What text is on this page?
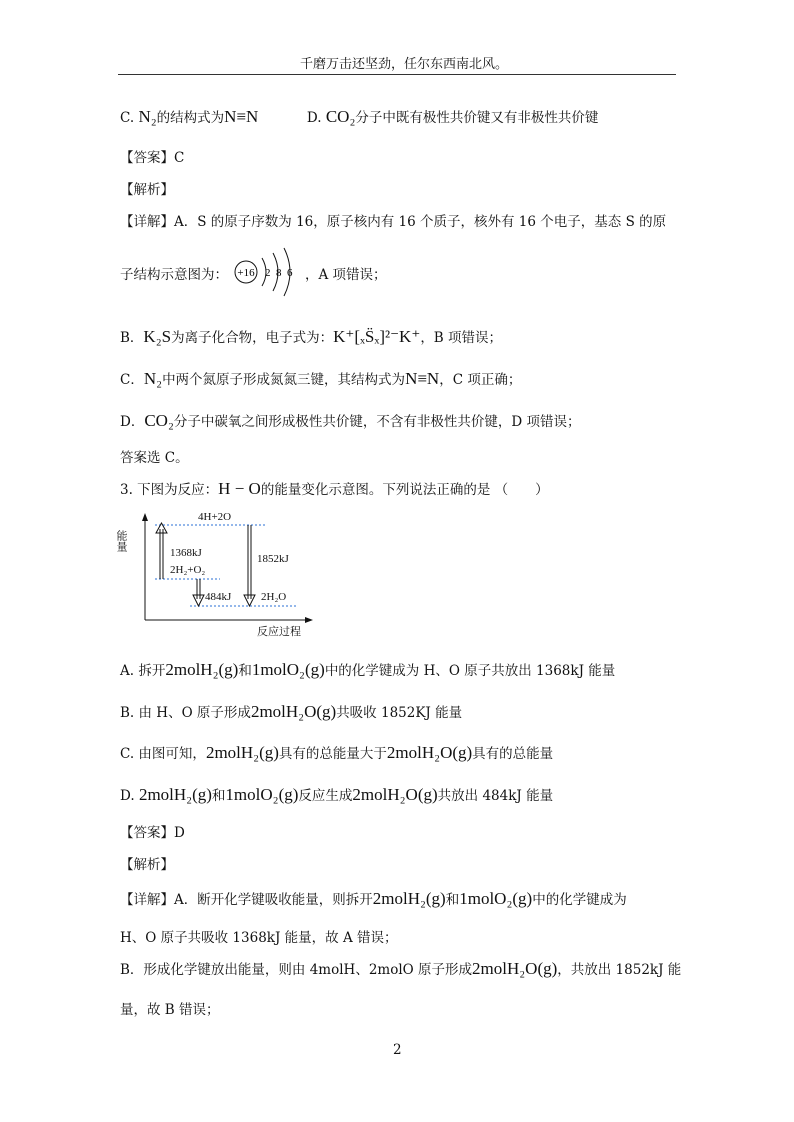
千磨万击还坚劲，任尔东西南北风。
C. N₂的结构式为N≡N	D. CO₂分子中既有极性共价键又有非极性共价键
【答案】C
【解析】
【详解】A．S 的原子序数为 16，原子核内有 16 个质子，核外有 16 个电子，基态 S 的原
子结构示意图为： +16 2 8 6 ，A 项错误；
B．K₂S为离子化合物，电子式为：K⁺[ₓS̈ₓ]²⁻K⁺，B 项错误；
C．N₂中两个氮原子形成氮氮三键，其结构式为N≡N，C 项正确；
D．CO₂分子中碳氧之间形成极性共价键，不含有非极性共价键，D 项错误；
答案选 C。
3. 下图为反应：H − O的能量变化示意图。下列说法正确的是 （　　）
能量
4H+2O
2H₂+O₂
2H₂O
1368kJ	1852kJ
484kJ
反应过程
A. 拆开2molH₂(g)和1molO₂(g)中的化学键成为 H、O 原子共放出 1368kJ 能量
B. 由 H、O 原子形成2molH₂O(g)共吸收 1852KJ 能量
C. 由图可知，2molH₂(g)具有的总能量大于2molH₂O(g)具有的总能量
D. 2molH₂(g)和1molO₂(g)反应生成2molH₂O(g)共放出 484kJ 能量
【答案】D
【解析】
【详解】A．断开化学键吸收能量，则拆开2molH₂(g)和1molO₂(g)中的化学键成为
H、O 原子共吸收 1368kJ 能量，故 A 错误；
B．形成化学键放出能量，则由 4molH、2molO 原子形成2molH₂O(g)，共放出 1852kJ 能
量，故 B 错误；
2
